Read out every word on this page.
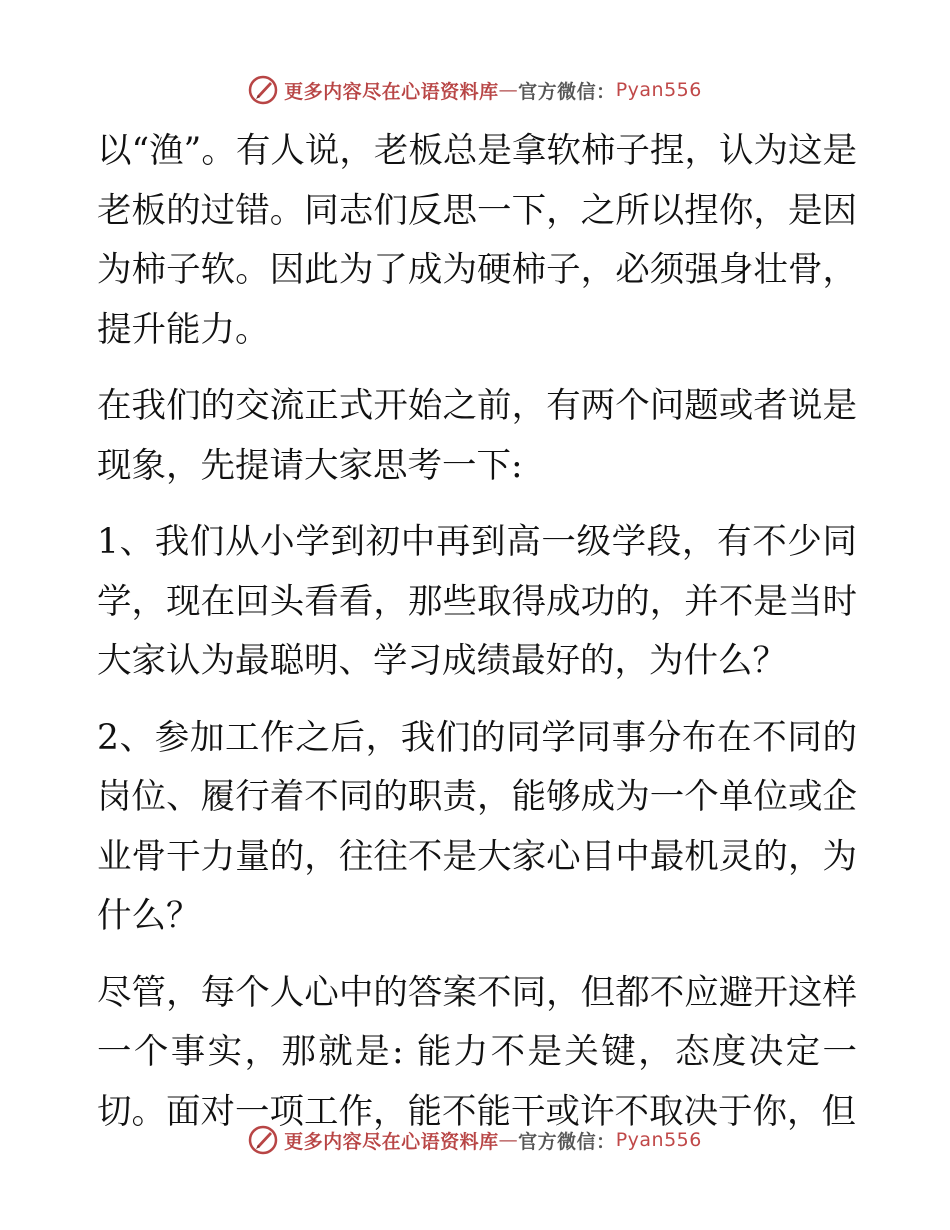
更多内容尽在心语资料库 — 官方微信： Pyan556

以“渔”。有人说，老板总是拿软柿子捏，认为这是老板的过错。同志们反思一下，之所以捏你，是因为柿子软。因此为了成为硬柿子，必须强身壮骨，提升能力。

在我们的交流正式开始之前，有两个问题或者说是现象，先提请大家思考一下:

1、我们从小学到初中再到高一级学段，有不少同学，现在回头看看，那些取得成功的，并不是当时大家认为最聪明、学习成绩最好的，为什么？

2、参加工作之后，我们的同学同事分布在不同的岗位、履行着不同的职责，能够成为一个单位或企业骨干力量的，往往不是大家心目中最机灵的，为什么？

尽管，每个人心中的答案不同，但都不应避开这样一个事实，那就是: 能力不是关键，态度决定一切。面对一项工作，能不能干或许不取决于你，但

更多内容尽在心语资料库 — 官方微信： Pyan556
